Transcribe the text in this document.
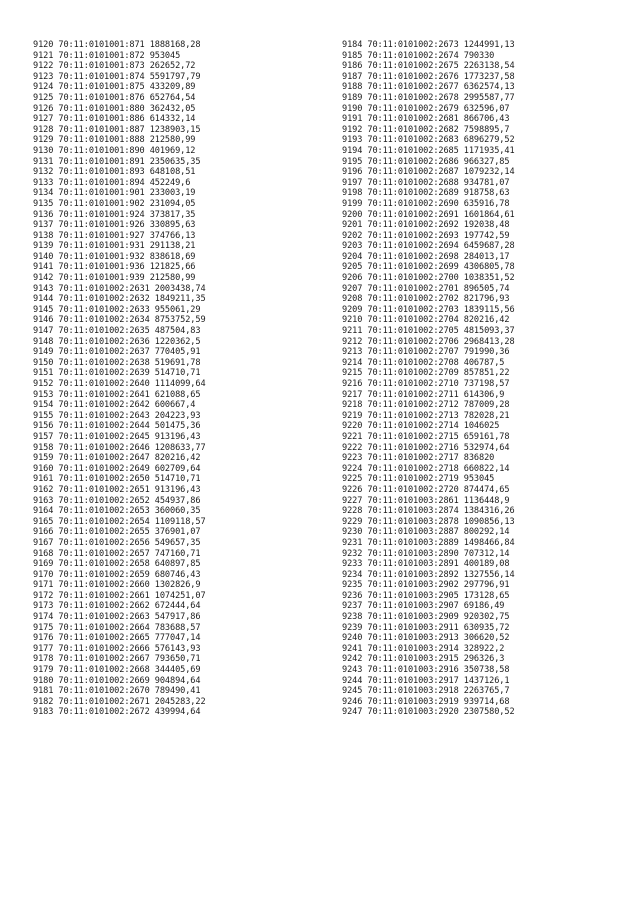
9120 70:11:0101001:871 1888168,28
9121 70:11:0101001:872 953045
9122 70:11:0101001:873 262652,72
9123 70:11:0101001:874 5591797,79
9124 70:11:0101001:875 433209,89
9125 70:11:0101001:876 652764,54
9126 70:11:0101001:880 362432,05
9127 70:11:0101001:886 614332,14
9128 70:11:0101001:887 1238903,15
9129 70:11:0101001:888 212580,99
9130 70:11:0101001:890 401969,12
9131 70:11:0101001:891 2350635,35
9132 70:11:0101001:893 648108,51
9133 70:11:0101001:894 452249,6
9134 70:11:0101001:901 233003,19
9135 70:11:0101001:902 231094,05
9136 70:11:0101001:924 373817,35
9137 70:11:0101001:926 330895,63
9138 70:11:0101001:927 374766,13
9139 70:11:0101001:931 291138,21
9140 70:11:0101001:932 838618,69
9141 70:11:0101001:936 121825,66
9142 70:11:0101001:939 212580,99
9143 70:11:0101002:2631 2003438,74
9144 70:11:0101002:2632 1849211,35
9145 70:11:0101002:2633 955061,29
9146 70:11:0101002:2634 8753752,59
9147 70:11:0101002:2635 487504,83
9148 70:11:0101002:2636 1220362,5
9149 70:11:0101002:2637 770405,91
9150 70:11:0101002:2638 519691,78
9151 70:11:0101002:2639 514710,71
9152 70:11:0101002:2640 1114099,64
9153 70:11:0101002:2641 621088,65
9154 70:11:0101002:2642 600667,4
9155 70:11:0101002:2643 204223,93
9156 70:11:0101002:2644 501475,36
9157 70:11:0101002:2645 913196,43
9158 70:11:0101002:2646 1208633,77
9159 70:11:0101002:2647 820216,42
9160 70:11:0101002:2649 602709,64
9161 70:11:0101002:2650 514710,71
9162 70:11:0101002:2651 913196,43
9163 70:11:0101002:2652 454937,86
9164 70:11:0101002:2653 360060,35
9165 70:11:0101002:2654 1109118,57
9166 70:11:0101002:2655 376901,07
9167 70:11:0101002:2656 549657,35
9168 70:11:0101002:2657 747160,71
9169 70:11:0101002:2658 640897,85
9170 70:11:0101002:2659 680746,43
9171 70:11:0101002:2660 1302826,9
9172 70:11:0101002:2661 1074251,07
9173 70:11:0101002:2662 672444,64
9174 70:11:0101002:2663 547917,86
9175 70:11:0101002:2664 783688,57
9176 70:11:0101002:2665 777047,14
9177 70:11:0101002:2666 576143,93
9178 70:11:0101002:2667 793650,71
9179 70:11:0101002:2668 344405,69
9180 70:11:0101002:2669 904894,64
9181 70:11:0101002:2670 789490,41
9182 70:11:0101002:2671 2045283,22
9183 70:11:0101002:2672 439994,64
9184 70:11:0101002:2673 1244991,13
9185 70:11:0101002:2674 790330
9186 70:11:0101002:2675 2263138,54
9187 70:11:0101002:2676 1773237,58
9188 70:11:0101002:2677 6362574,13
9189 70:11:0101002:2678 2995587,77
9190 70:11:0101002:2679 632596,07
9191 70:11:0101002:2681 866706,43
9192 70:11:0101002:2682 7598895,7
9193 70:11:0101002:2683 6896279,52
9194 70:11:0101002:2685 1171935,41
9195 70:11:0101002:2686 966327,85
9196 70:11:0101002:2687 1079232,14
9197 70:11:0101002:2688 934781,07
9198 70:11:0101002:2689 918758,63
9199 70:11:0101002:2690 635916,78
9200 70:11:0101002:2691 1601864,61
9201 70:11:0101002:2692 192038,48
9202 70:11:0101002:2693 197742,59
9203 70:11:0101002:2694 6459687,28
9204 70:11:0101002:2698 284013,17
9205 70:11:0101002:2699 4306805,78
9206 70:11:0101002:2700 1038351,52
9207 70:11:0101002:2701 896505,74
9208 70:11:0101002:2702 821796,93
9209 70:11:0101002:2703 1839115,56
9210 70:11:0101002:2704 820216,42
9211 70:11:0101002:2705 4815093,37
9212 70:11:0101002:2706 2968413,28
9213 70:11:0101002:2707 791990,36
9214 70:11:0101002:2708 406787,5
9215 70:11:0101002:2709 857851,22
9216 70:11:0101002:2710 737198,57
9217 70:11:0101002:2711 614306,9
9218 70:11:0101002:2712 787009,28
9219 70:11:0101002:2713 782028,21
9220 70:11:0101002:2714 1046025
9221 70:11:0101002:2715 659161,78
9222 70:11:0101002:2716 532974,64
9223 70:11:0101002:2717 836820
9224 70:11:0101002:2718 660822,14
9225 70:11:0101002:2719 953045
9226 70:11:0101002:2720 874474,65
9227 70:11:0101003:2861 1136448,9
9228 70:11:0101003:2874 1384316,26
9229 70:11:0101003:2878 1090856,13
9230 70:11:0101003:2887 800292,14
9231 70:11:0101003:2889 1498466,84
9232 70:11:0101003:2890 707312,14
9233 70:11:0101003:2891 400189,08
9234 70:11:0101003:2892 1327556,14
9235 70:11:0101003:2902 297796,91
9236 70:11:0101003:2905 173128,65
9237 70:11:0101003:2907 69186,49
9238 70:11:0101003:2909 920302,75
9239 70:11:0101003:2911 630935,72
9240 70:11:0101003:2913 306620,52
9241 70:11:0101003:2914 328922,2
9242 70:11:0101003:2915 296326,3
9243 70:11:0101003:2916 350738,58
9244 70:11:0101003:2917 1437126,1
9245 70:11:0101003:2918 2263765,7
9246 70:11:0101003:2919 939714,68
9247 70:11:0101003:2920 2307580,52
